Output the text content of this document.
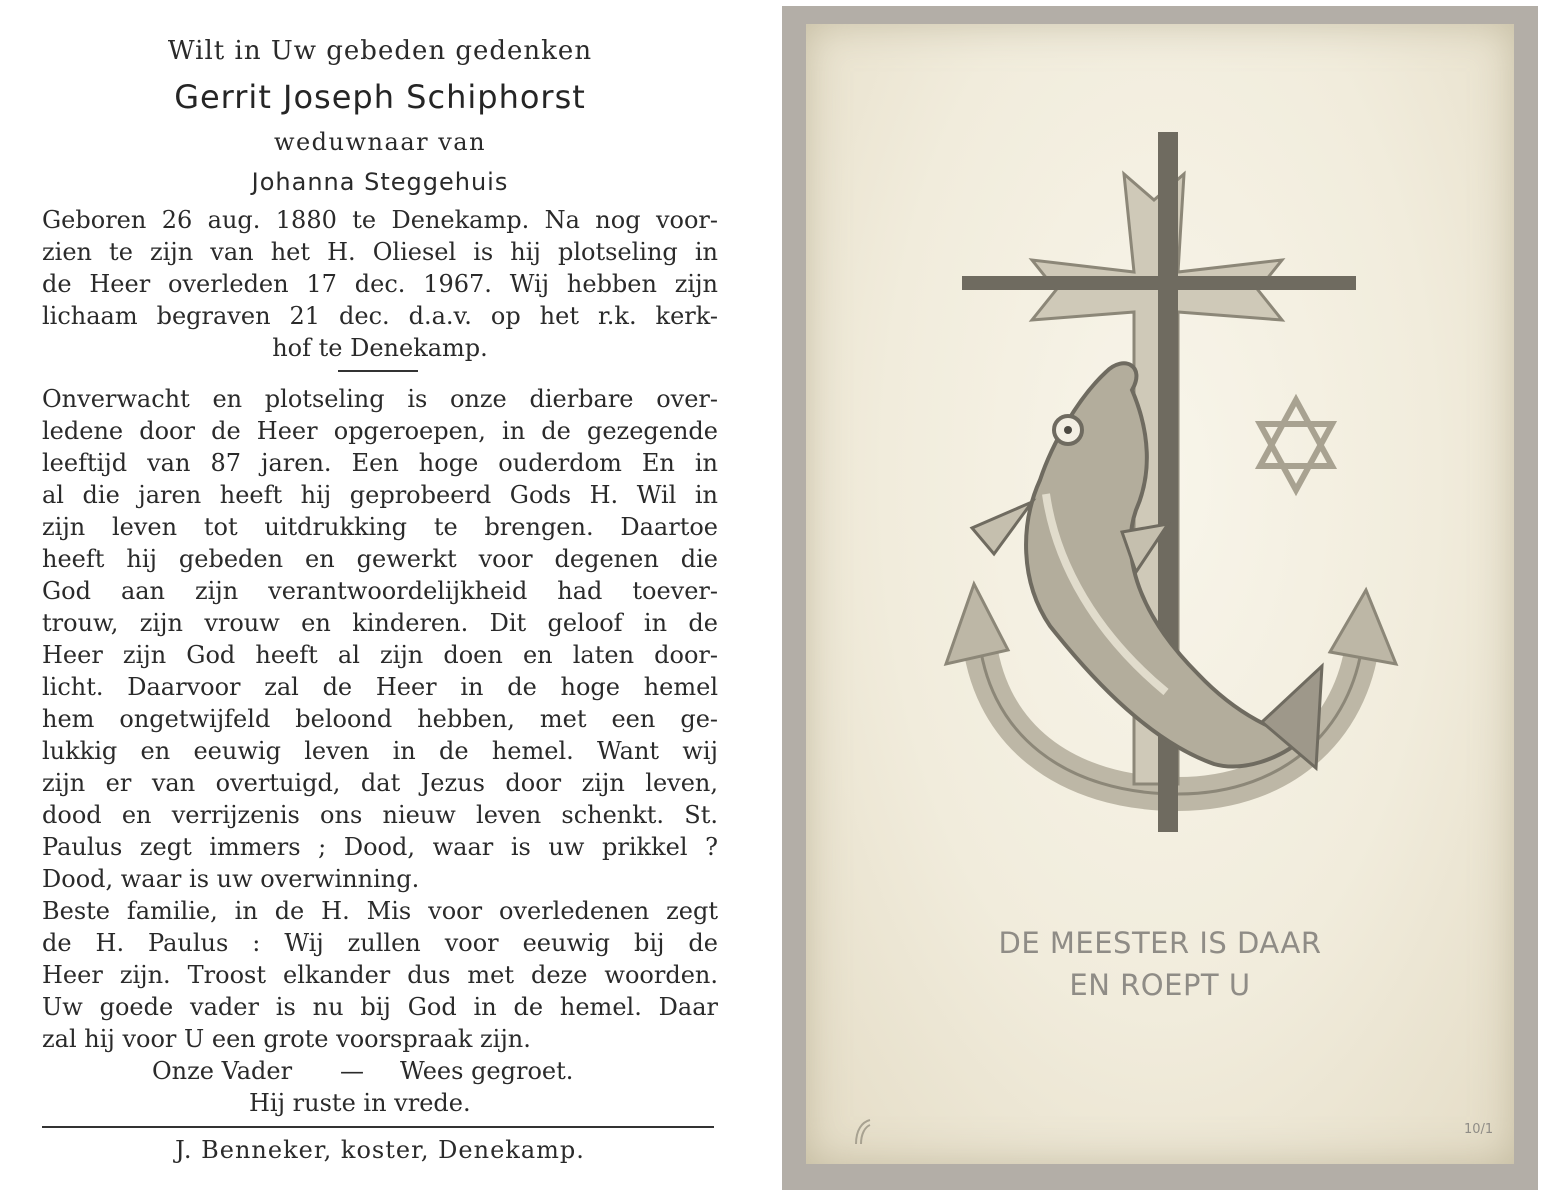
Wilt in Uw gebeden gedenken
Gerrit Joseph Schiphorst
weduwnaar van
Johanna Steggehuis
Geboren 26 aug. 1880 te Denekamp. Na nog voor-
zien te zijn van het H. Oliesel is hij plotseling in
de Heer overleden 17 dec. 1967. Wij hebben zijn
lichaam begraven 21 dec. d.a.v. op het r.k. kerk-
hof te Denekamp.
Onverwacht en plotseling is onze dierbare over-
ledene door de Heer opgeroepen, in de gezegende
leeftijd van 87 jaren. Een hoge ouderdom En in
al die jaren heeft hij geprobeerd Gods H. Wil in
zijn leven tot uitdrukking te brengen. Daartoe
heeft hij gebeden en gewerkt voor degenen die
God aan zijn verantwoordelijkheid had toever-
trouw, zijn vrouw en kinderen. Dit geloof in de
Heer zijn God heeft al zijn doen en laten door-
licht. Daarvoor zal de Heer in de hoge hemel
hem ongetwijfeld beloond hebben, met een ge-
lukkig en eeuwig leven in de hemel. Want wij
zijn er van overtuigd, dat Jezus door zijn leven,
dood en verrijzenis ons nieuw leven schenkt. St.
Paulus zegt immers ; Dood, waar is uw prikkel ?
Dood, waar is uw overwinning.
Beste familie, in de H. Mis voor overledenen zegt
de H. Paulus : Wij zullen voor eeuwig bij de
Heer zijn. Troost elkander dus met deze woorden.
Uw goede vader is nu bij God in de hemel. Daar
zal hij voor U een grote voorspraak zijn.
Onze Vader — Wees gegroet.
Hij ruste in vrede.
J. Benneker, koster, Denekamp.
DE MEESTER IS DAAR
EN ROEPT U
10/1
